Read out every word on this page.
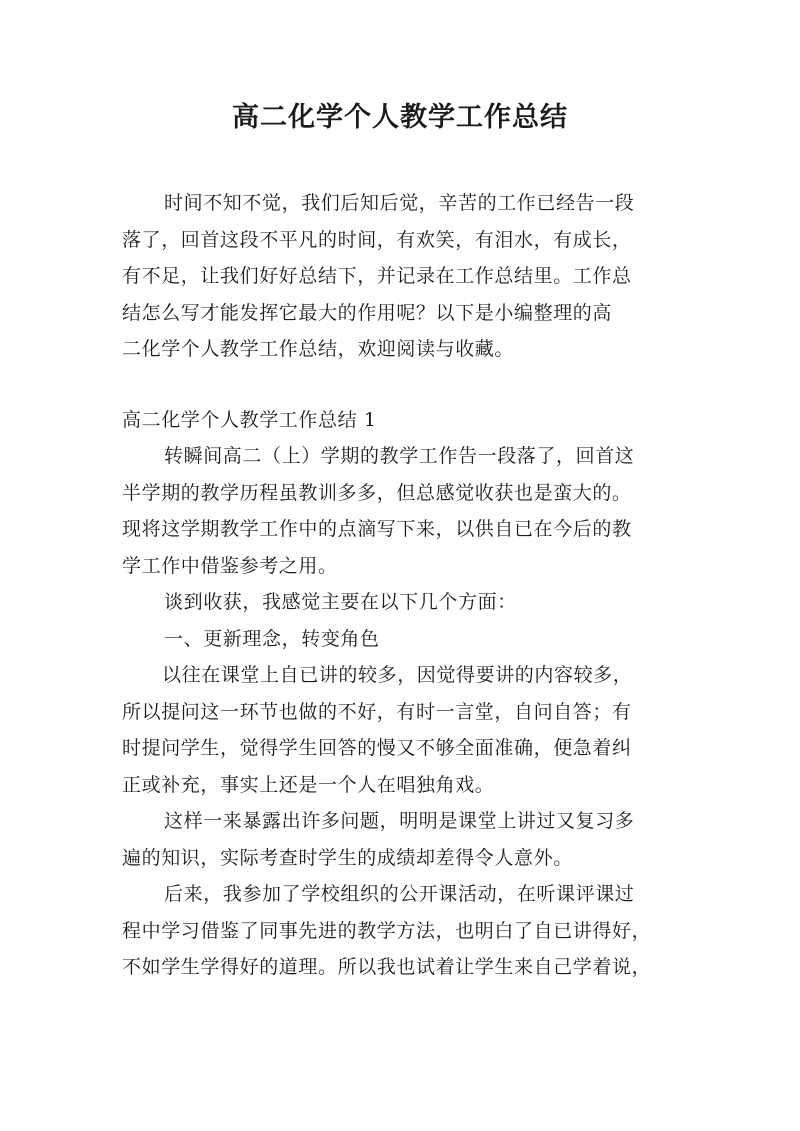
高二化学个人教学工作总结
时间不知不觉，我们后知后觉，辛苦的工作已经告一段
落了，回首这段不平凡的时间，有欢笑，有泪水，有成长，
有不足，让我们好好总结下，并记录在工作总结里。工作总
结怎么写才能发挥它最大的作用呢？以下是小编整理的高
二化学个人教学工作总结，欢迎阅读与收藏。
高二化学个人教学工作总结 1
转瞬间高二（上）学期的教学工作告一段落了，回首这
半学期的教学历程虽教训多多，但总感觉收获也是蛮大的。
现将这学期教学工作中的点滴写下来，以供自已在今后的教
学工作中借鉴参考之用。
谈到收获，我感觉主要在以下几个方面：
一、更新理念，转变角色
以往在课堂上自已讲的较多，因觉得要讲的内容较多，
所以提问这一环节也做的不好，有时一言堂，自问自答；有
时提问学生，觉得学生回答的慢又不够全面准确，便急着纠
正或补充，事实上还是一个人在唱独角戏。
这样一来暴露出许多问题，明明是课堂上讲过又复习多
遍的知识，实际考查时学生的成绩却差得令人意外。
后来，我参加了学校组织的公开课活动，在听课评课过
程中学习借鉴了同事先进的教学方法，也明白了自已讲得好，
不如学生学得好的道理。所以我也试着让学生来自己学着说，
